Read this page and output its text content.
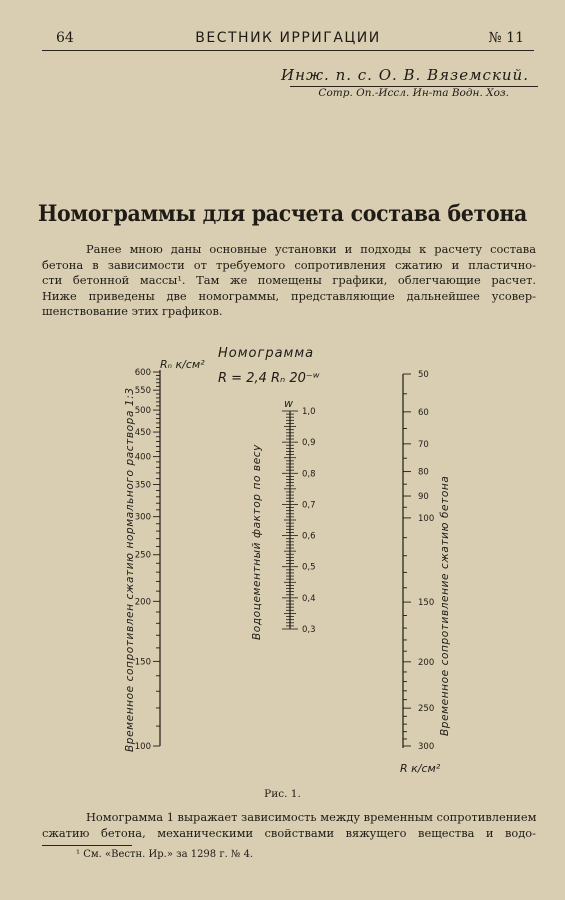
64	ВЕСТНИК ИРРИГАЦИИ	№ 11
Инж. п. с. О. В. Вяземский.
Сотр. Оп.-Исcл. Ин-та Водн. Хоз.
Номограммы для расчета состава бетона
Ранее мною даны основные установки и подходы к расчету состава
бетона в зависимости от требуемого сопротивления сжатию и пластично-
сти бетонной массы¹. Там же помещены графики, облегчающие расчет.
Ниже приведены две номограммы, представляющие дальнейшее усовер-
шенствование этих графиков.
Номограмма
R = 2,4 Rₙ 20⁻ʷ
Rₙ к/см²
Временное сопротивлен сжатию нормального раствора 1:3
600
550
500
450
400
350
300
250
200
150
100
w
Водоцементный фактор по весу
1,0
0,9
0,8
0,7
0,6
0,5
0,4
0,3
R к/см²
Временное сопротивление сжатию бетона
50
60
70
80
90
100
150
200
250
300
Рис. 1.
Номограмма 1 выражает зависимость между временным сопротивлением
сжатию бетона, механическими свойствами вяжущего вещества и водо-
¹ См. «Вестн. Ир.» за 1298 г. № 4.
